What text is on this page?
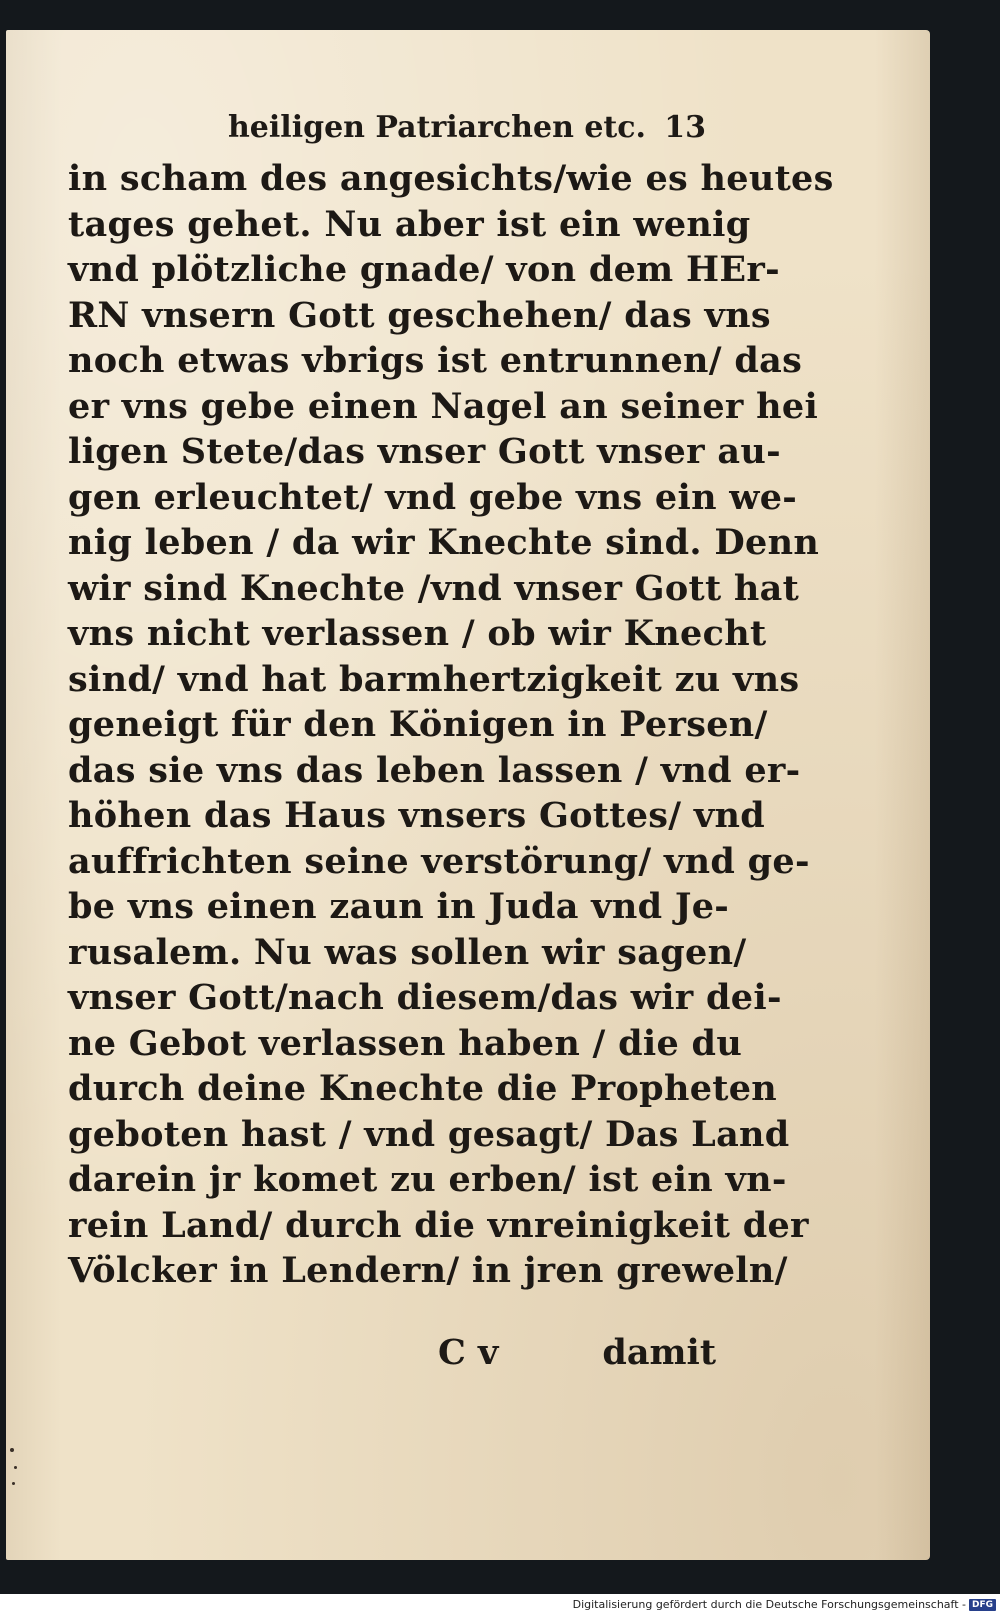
heiligen Patriarchen etc. 13
in scham des angesichts/wie es heutes
tages gehet. Nu aber ist ein wenig
vnd plötzliche gnade/ von dem HEr-
RN vnsern Gott geschehen/ das vns
noch etwas vbrigs ist entrunnen/ das
er vns gebe einen Nagel an seiner hei
ligen Stete/das vnser Gott vnser au-
gen erleuchtet/ vnd gebe vns ein we-
nig leben / da wir Knechte sind. Denn
wir sind Knechte /vnd vnser Gott hat
vns nicht verlassen / ob wir Knecht
sind/ vnd hat barmhertzigkeit zu vns
geneigt für den Königen in Persen/
das sie vns das leben lassen / vnd er-
höhen das Haus vnsers Gottes/ vnd
auffrichten seine verstörung/ vnd ge-
be vns einen zaun in Juda vnd Je-
rusalem. Nu was sollen wir sagen/
vnser Gott/nach diesem/das wir dei-
ne Gebot verlassen haben / die du
durch deine Knechte die Propheten
geboten hast / vnd gesagt/ Das Land
darein jr komet zu erben/ ist ein vn-
rein Land/ durch die vnreinigkeit der
Völcker in Lendern/ in jren greweln/
C v	damit
Digitalisierung gefördert durch die Deutsche Forschungsgemeinschaft - DFG
